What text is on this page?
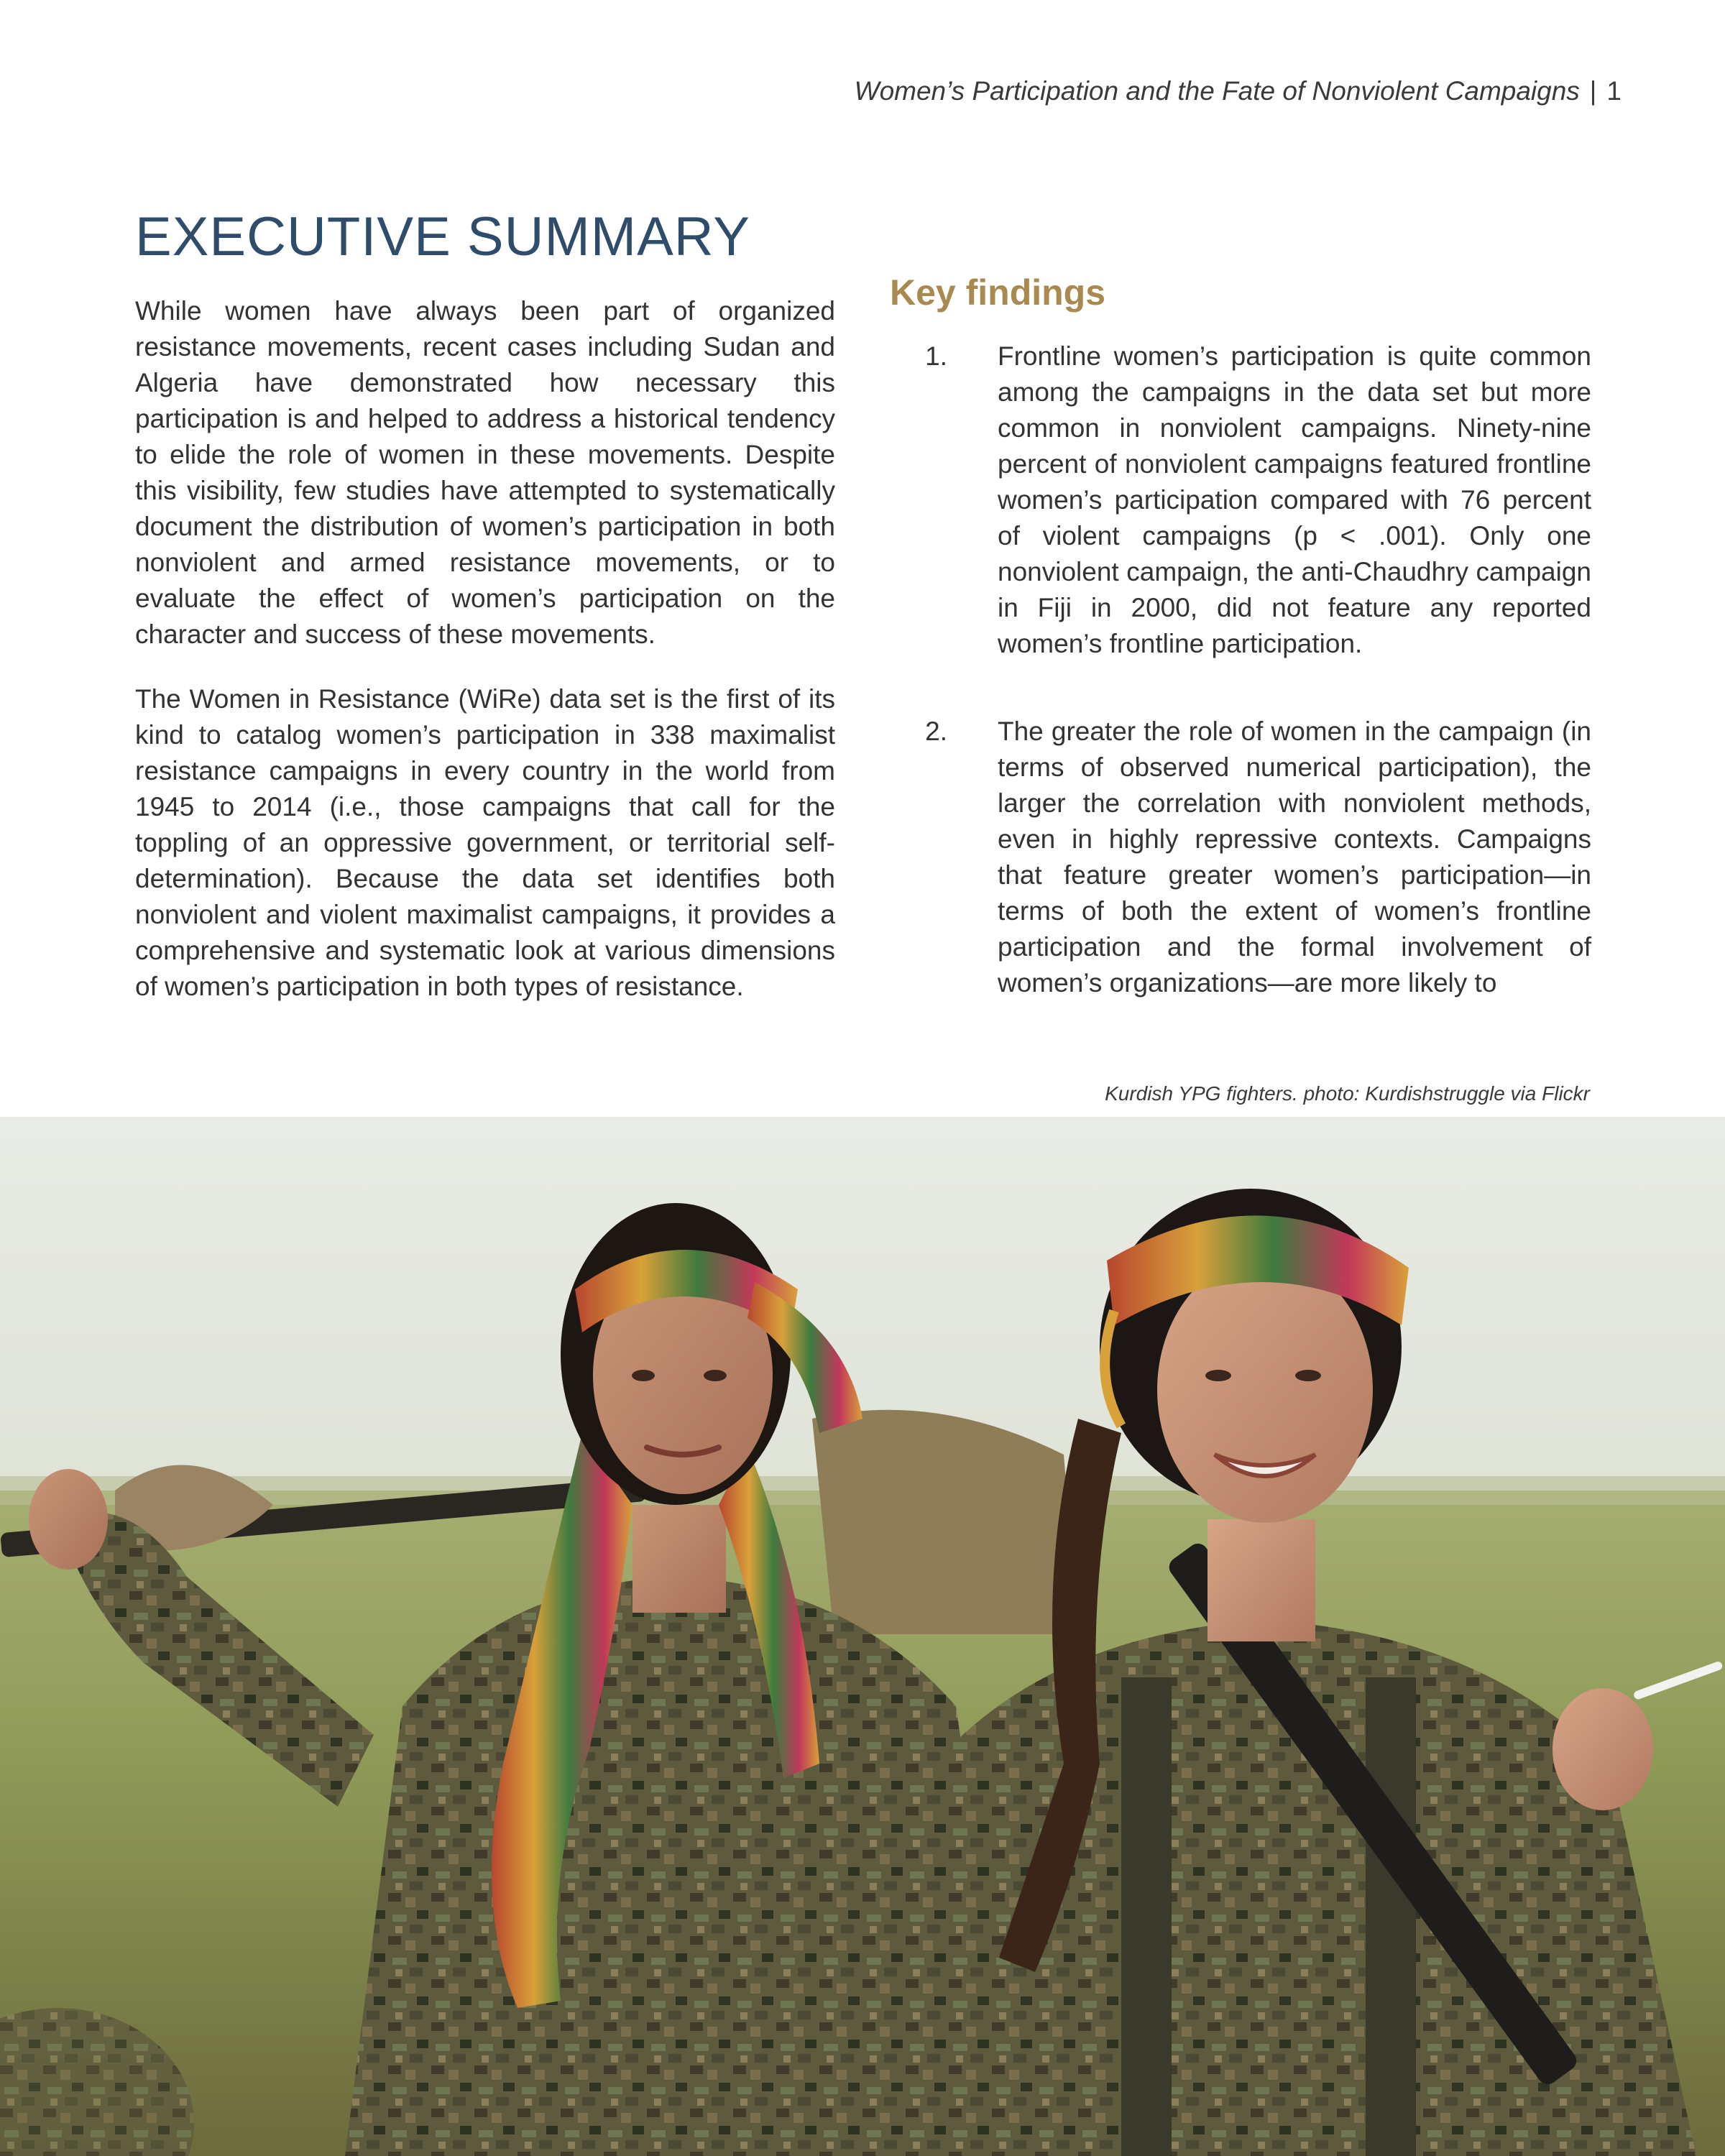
Women’s Participation and the Fate of Nonviolent Campaigns | 1
EXECUTIVE SUMMARY

While women have always been part of organized resistance movements, recent cases including Sudan and Algeria have demonstrated how necessary this participation is and helped to address a historical tendency to elide the role of women in these movements. Despite this visibility, few studies have attempted to systematically document the distribution of women’s participation in both nonviolent and armed resistance movements, or to evaluate the effect of women’s participation on the character and success of these movements.

The Women in Resistance (WiRe) data set is the first of its kind to catalog women’s participation in 338 maximalist resistance campaigns in every country in the world from 1945 to 2014 (i.e., those campaigns that call for the toppling of an oppressive government, or territorial self-determination). Because the data set identifies both nonviolent and violent maximalist campaigns, it provides a comprehensive and systematic look at various dimensions of women’s participation in both types of resistance.

Key findings
1.	Frontline women’s participation is quite common among the campaigns in the data set but more common in nonviolent campaigns. Ninety-nine percent of nonviolent campaigns featured frontline women’s participation compared with 76 percent of violent campaigns (p < .001). Only one nonviolent campaign, the anti-Chaudhry campaign in Fiji in 2000, did not feature any reported women’s frontline participation.
2.	The greater the role of women in the campaign (in terms of observed numerical participation), the larger the correlation with nonviolent methods, even in highly repressive contexts. Campaigns that feature greater women’s participation—in terms of both the extent of women’s frontline participation and the formal involvement of women’s organizations—are more likely to
Kurdish YPG fighters. photo: Kurdishstruggle via Flickr
